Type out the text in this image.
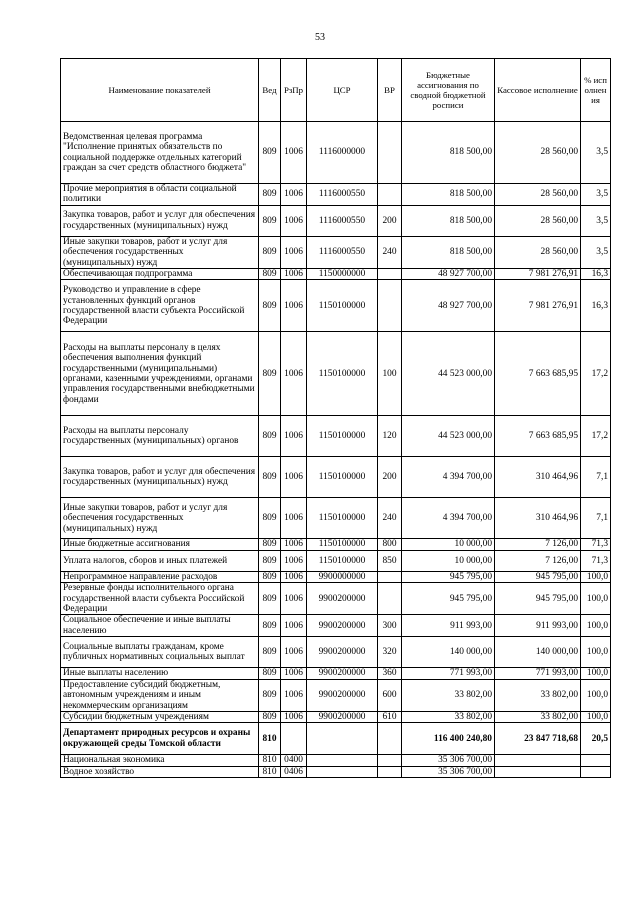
53
Наименование показателей	Вед	РзПр	ЦСР	ВР	Бюджетные ассигнования по сводной бюджетной росписи	Кассовое исполнение	% исполнения
Ведомственная целевая программа "Исполнение принятых обязательств по социальной поддержке отдельных категорий граждан за счет средств областного бюджета"	809	1006	1116000000		818 500,00	28 560,00	3,5
Прочие мероприятия в области социальной политики	809	1006	1116000550		818 500,00	28 560,00	3,5
Закупка товаров, работ и услуг для обеспечения государственных (муниципальных) нужд	809	1006	1116000550	200	818 500,00	28 560,00	3,5
Иные закупки товаров, работ и услуг для обеспечения государственных (муниципальных) нужд	809	1006	1116000550	240	818 500,00	28 560,00	3,5
Обеспечивающая подпрограмма	809	1006	1150000000		48 927 700,00	7 981 276,91	16,3
Руководство и управление в сфере установленных функций органов государственной власти субъекта Российской Федерации	809	1006	1150100000		48 927 700,00	7 981 276,91	16,3
Расходы на выплаты персоналу в целях обеспечения выполнения функций государственными (муниципальными) органами, казенными учреждениями, органами управления государственными внебюджетными фондами	809	1006	1150100000	100	44 523 000,00	7 663 685,95	17,2
Расходы на выплаты персоналу государственных (муниципальных) органов	809	1006	1150100000	120	44 523 000,00	7 663 685,95	17,2
Закупка товаров, работ и услуг для обеспечения государственных (муниципальных) нужд	809	1006	1150100000	200	4 394 700,00	310 464,96	7,1
Иные закупки товаров, работ и услуг для обеспечения государственных (муниципальных) нужд	809	1006	1150100000	240	4 394 700,00	310 464,96	7,1
Иные бюджетные ассигнования	809	1006	1150100000	800	10 000,00	7 126,00	71,3
Уплата налогов, сборов и иных платежей	809	1006	1150100000	850	10 000,00	7 126,00	71,3
Непрограммное направление расходов	809	1006	9900000000		945 795,00	945 795,00	100,0
Резервные фонды исполнительного органа государственной власти субъекта Российской Федерации	809	1006	9900200000		945 795,00	945 795,00	100,0
Социальное обеспечение и иные выплаты населению	809	1006	9900200000	300	911 993,00	911 993,00	100,0
Социальные выплаты гражданам, кроме публичных нормативных социальных выплат	809	1006	9900200000	320	140 000,00	140 000,00	100,0
Иные выплаты населению	809	1006	9900200000	360	771 993,00	771 993,00	100,0
Предоставление субсидий бюджетным, автономным учреждениям и иным некоммерческим организациям	809	1006	9900200000	600	33 802,00	33 802,00	100,0
Субсидии бюджетным учреждениям	809	1006	9900200000	610	33 802,00	33 802,00	100,0
Департамент природных ресурсов и охраны окружающей среды Томской области	810				116 400 240,80	23 847 718,68	20,5
Национальная экономика	810	0400			35 306 700,00		
Водное хозяйство	810	0406			35 306 700,00		
